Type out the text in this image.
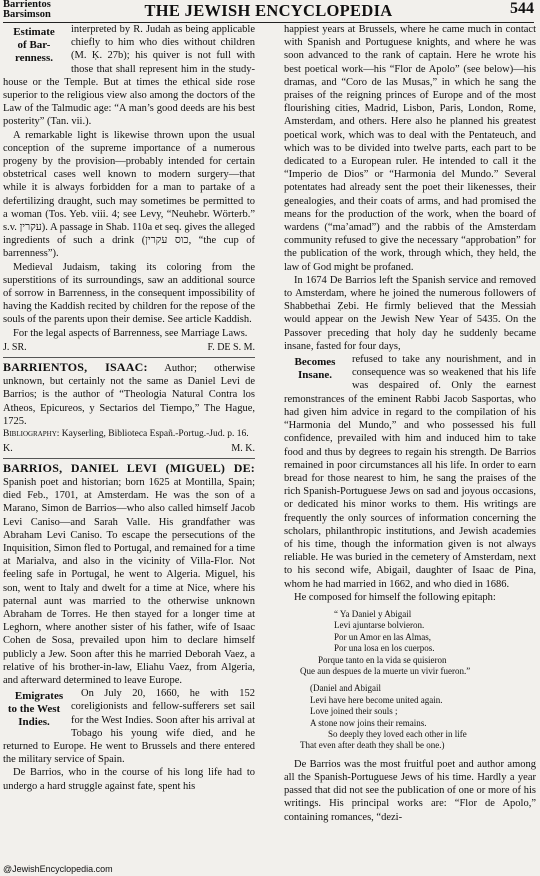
Barrientos
Barsimson	THE JEWISH ENCYCLOPEDIA	544

Estimate
of Bar-
renness.
interpreted by R. Judah as being applicable chiefly to him who dies without children (M. Ḳ. 27b); his quiver is not full with those that shall represent him in the study-house or the Temple. But at times the ethical side rose superior to the religious view also among the doctors of the Law of the Talmudic age: “A man’s good deeds are his best posterity” (Tan. vii.).

A remarkable light is likewise thrown upon the usual conception of the supreme importance of a numerous progeny by the provision—probably intended for certain obstetrical cases well known to modern surgery—that while it is always forbidden for a man to partake of a defertilizing draught, such may sometimes be permitted to a woman (Tos. Yeb. viii. 4; see Levy, “Neuhebr. Wörterb.” s.v. עקרין). A passage in Shab. 110a et seq. gives the alleged ingredients of such a drink (כוס עקרין, “the cup of barrenness”).

Medieval Judaism, taking its coloring from the superstitions of its surroundings, saw an additional source of sorrow in Barrenness, in the consequent impossibility of having the Kaddish recited by children for the repose of the souls of the parents upon their demise. See article Kaddish.

For the legal aspects of Barrenness, see Marriage Laws.

J. SR.	F. DE S. M.

BARRIENTOS, ISAAC: Author; otherwise unknown, but certainly not the same as Daniel Levi de Barrios; is the author of “Theologia Natural Contra los Atheos, Epicureos, y Sectarios del Tiempo,” The Hague, 1725.

Bibliography: Kayserling, Biblioteca Españ.-Portug.-Jud. p. 16.

K.	M. K.

BARRIOS, DANIEL LEVI (MIGUEL) DE: Spanish poet and historian; born 1625 at Montilla, Spain; died Feb., 1701, at Amsterdam. He was the son of a Marano, Simon de Barrios—who also called himself Jacob Levi Caniso—and Sarah Valle. His grandfather was Abraham Levi Caniso. To escape the persecutions of the Inquisition, Simon fled to Portugal, and remained for a time at Marialva, and also in the vicinity of Villa-Flor. Not feeling safe in Portugal, he went to Algeria. Miguel, his son, went to Italy and dwelt for a time at Nice, where his paternal aunt was married to the otherwise unknown Abraham de Torres. He then stayed for a longer time at Leghorn, where another sister of his father, wife of Isaac Cohen de Sosa, prevailed upon him to declare himself publicly a Jew. Soon after this he married Deborah Vaez, a relative of his brother-in-law, Eliahu Vaez, from Algeria, and afterward determined to leave Europe.

Emigrates
to the West
Indies.
On July 20, 1660, he with 152 coreligionists and fellow-sufferers set sail for the West Indies. Soon after his arrival at Tobago his young wife died, and he returned to Europe. He went to Brussels and there entered the military service of Spain.

De Barrios, who in the course of his long life had to undergo a hard struggle against fate, spent his

happiest years at Brussels, where he came much in contact with Spanish and Portuguese knights, and where he was soon advanced to the rank of captain. Here he wrote his best poetical work—his “Flor de Apolo” (see below)—his dramas, and “Coro de las Musas,” in which he sang the praises of the reigning princes of Europe and of the most flourishing cities, Madrid, Lisbon, Paris, London, Rome, Amsterdam, and others. Here also he planned his greatest poetical work, which was to deal with the Pentateuch, and which was to be divided into twelve parts, each part to be dedicated to a European ruler. He intended to call it the “Imperio de Dios” or “Harmonia del Mundo.” Several potentates had already sent the poet their likenesses, their genealogies, and their coats of arms, and had promised the means for the production of the work, when the board of wardens (“maʼamad”) and the rabbis of the Amsterdam community refused to give the necessary “approbation” for the publication of the work, through which, they held, the law of God might be profaned.

In 1674 De Barrios left the Spanish service and removed to Amsterdam, where he joined the numerous followers of Shabbethai Ẓebi. He firmly believed that the Messiah would appear on the Jewish New Year of 5435. On the Passover preceding that holy day he suddenly became insane, fasted for four days,

Becomes
Insane.
refused to take any nourishment, and in consequence was so weakened that his life was despaired of. Only the earnest remonstrances of the eminent Rabbi Jacob Sasportas, who had given him advice in regard to the compilation of his “Harmonia del Mundo,” and who possessed his full confidence, prevailed with him and induced him to take food and thus by degrees to regain his strength. De Barrios remained in poor circumstances all his life. In order to earn bread for those nearest to him, he sang the praises of the rich Spanish-Portuguese Jews on sad and joyous occasions, or dedicated his minor works to them. His writings are frequently the only sources of information concerning the scholars, philanthropic institutions, and Jewish academies of his time, though the information given is not always reliable. He was buried in the cemetery of Amsterdam, next to his second wife, Abigail, daughter of Isaac de Pina, whom he had married in 1662, and who died in 1686.

He composed for himself the following epitaph:

“ Ya Daniel y Abigail
Levi ajuntarse bolvieron.
Por un Amor en las Almas,
Por una losa en los cuerpos.
Porque tanto en la vida se quisieron
Que aun despues de la muerte un vivir fueron.”
(Daniel and Abigail
Levi have here become united again.
Love joined their souls ;
A stone now joins their remains.
So deeply they loved each other in life
That even after death they shall be one.)

De Barrios was the most fruitful poet and author among all the Spanish-Portuguese Jews of his time. Hardly a year passed that did not see the publication of one or more of his writings. His principal works are: “Flor de Apolo,” containing romances, “dezi-

@JewishEncyclopedia.com
